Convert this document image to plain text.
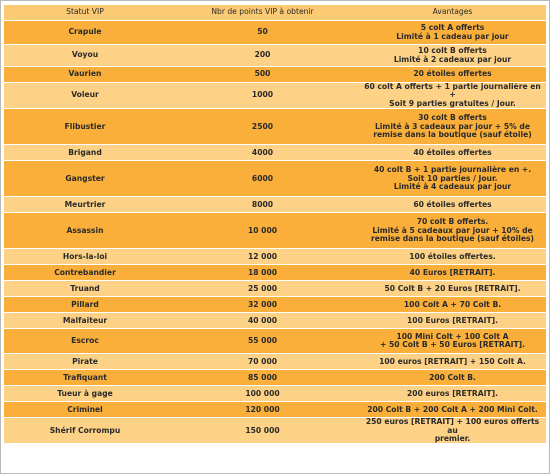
Statut VIP	Nbr de points VIP à obtenir	Avantages
Crapule	50	5 colt A offerts
Limité à 1 cadeau par jour
Voyou	200	10 colt B offerts
Limité à 2 cadeaux par jour
Vaurien	500	20 étoiles offertes
Voleur	1000	60 colt A offerts + 1 partie journalière en +
Soit 9 parties gratuites / Jour.
Flibustier	2500	30 colt B offerts
Limité à 3 cadeaux par jour + 5% de
remise dans la boutique (sauf étoile)
Brigand	4000	40 étoiles offertes
Gangster	6000	40 colt B + 1 partie journalière en +.
Soit 10 parties / Jour.
Limité à 4 cadeaux par jour
Meurtrier	8000	60 étoiles offertes
Assassin	10 000	70 colt B offerts.
Limité à 5 cadeaux par jour + 10% de
remise dans la boutique (sauf étoiles)
Hors-la-loi	12 000	100 étoiles offertes.
Contrebandier	18 000	40 Euros [RETRAIT].
Truand	25 000	50 Colt B + 20 Euros [RETRAIT].
Pillard	32 000	100 Colt A + 70 Colt B.
Malfaiteur	40 000	100 Euros [RETRAIT].
Escroc	55 000	100 Mini Colt + 100 Colt A
+ 50 Colt B + 50 Euros [RETRAIT].
Pirate	70 000	100 euros [RETRAIT] + 150 Colt A.
Trafiquant	85 000	200 Colt B.
Tueur à gage	100 000	200 euros [RETRAIT].
Criminel	120 000	200 Colt B + 200 Colt A + 200 Mini Colt.
Shérif Corrompu	150 000	250 euros [RETRAIT] + 100 euros offerts au
premier.
